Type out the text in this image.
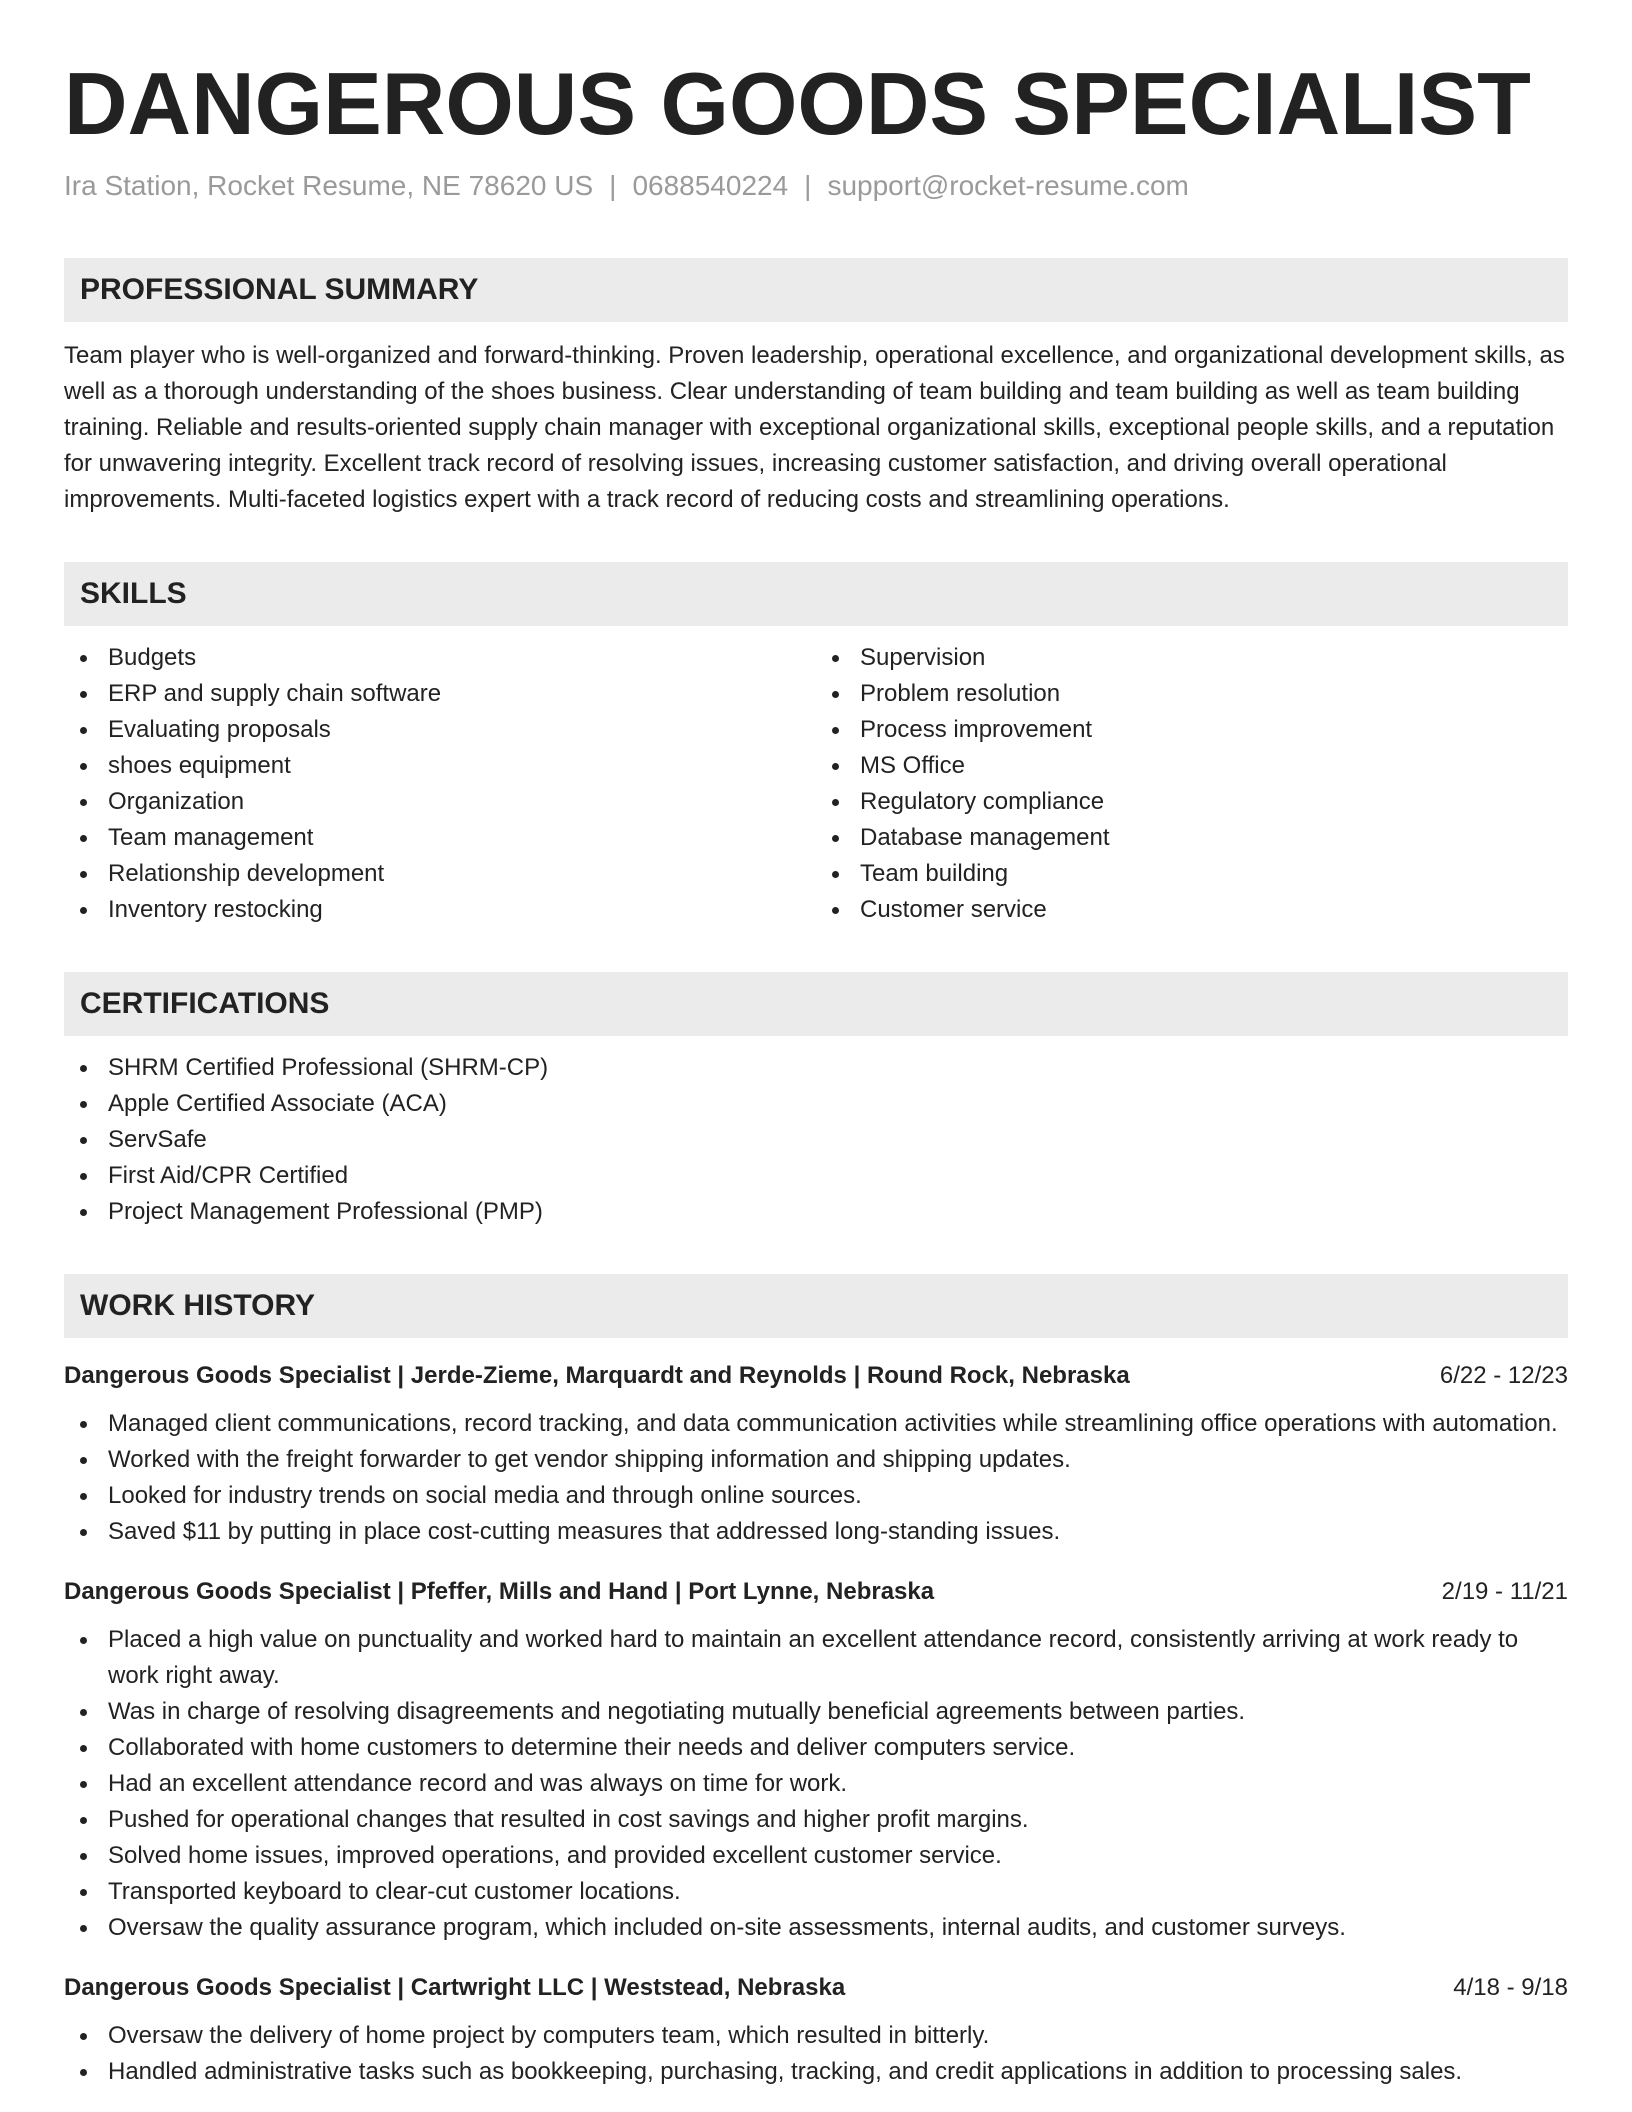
DANGEROUS GOODS SPECIALIST
Ira Station, Rocket Resume, NE 78620 US | 0688540224 | support@rocket-resume.com
PROFESSIONAL SUMMARY
Team player who is well-organized and forward-thinking. Proven leadership, operational excellence, and organizational development skills, as well as a thorough understanding of the shoes business. Clear understanding of team building and team building as well as team building training. Reliable and results-oriented supply chain manager with exceptional organizational skills, exceptional people skills, and a reputation for unwavering integrity. Excellent track record of resolving issues, increasing customer satisfaction, and driving overall operational improvements. Multi-faceted logistics expert with a track record of reducing costs and streamlining operations.
SKILLS
Budgets
ERP and supply chain software
Evaluating proposals
shoes equipment
Organization
Team management
Relationship development
Inventory restocking
Supervision
Problem resolution
Process improvement
MS Office
Regulatory compliance
Database management
Team building
Customer service
CERTIFICATIONS
SHRM Certified Professional (SHRM-CP)
Apple Certified Associate (ACA)
ServSafe
First Aid/CPR Certified
Project Management Professional (PMP)
WORK HISTORY
Dangerous Goods Specialist | Jerde-Zieme, Marquardt and Reynolds | Round Rock, Nebraska	6/22 - 12/23
Managed client communications, record tracking, and data communication activities while streamlining office operations with automation.
Worked with the freight forwarder to get vendor shipping information and shipping updates.
Looked for industry trends on social media and through online sources.
Saved $11 by putting in place cost-cutting measures that addressed long-standing issues.
Dangerous Goods Specialist | Pfeffer, Mills and Hand | Port Lynne, Nebraska	2/19 - 11/21
Placed a high value on punctuality and worked hard to maintain an excellent attendance record, consistently arriving at work ready to work right away.
Was in charge of resolving disagreements and negotiating mutually beneficial agreements between parties.
Collaborated with home customers to determine their needs and deliver computers service.
Had an excellent attendance record and was always on time for work.
Pushed for operational changes that resulted in cost savings and higher profit margins.
Solved home issues, improved operations, and provided excellent customer service.
Transported keyboard to clear-cut customer locations.
Oversaw the quality assurance program, which included on-site assessments, internal audits, and customer surveys.
Dangerous Goods Specialist | Cartwright LLC | Weststead, Nebraska	4/18 - 9/18
Oversaw the delivery of home project by computers team, which resulted in bitterly.
Handled administrative tasks such as bookkeeping, purchasing, tracking, and credit applications in addition to processing sales.
